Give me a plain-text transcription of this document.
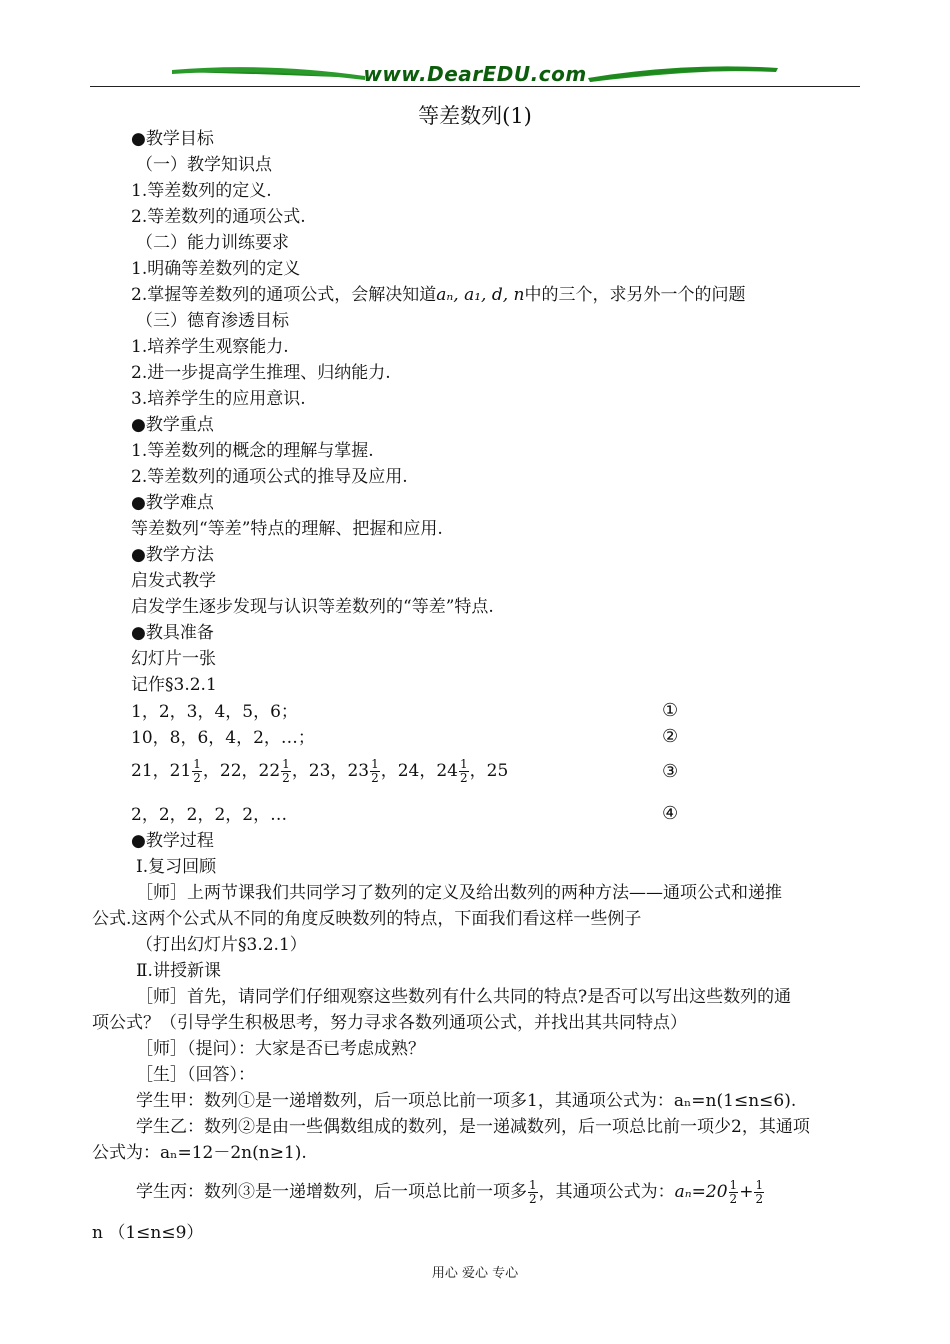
www.DearEDU.com
等差数列(1)
●教学目标
（一）教学知识点
1.等差数列的定义.
2.等差数列的通项公式.
（二）能力训练要求
1.明确等差数列的定义
2.掌握等差数列的通项公式，会解决知道aₙ, a₁, d, n中的三个，求另外一个的问题
（三）德育渗透目标
1.培养学生观察能力.
2.进一步提高学生推理、归纳能力.
3.培养学生的应用意识.
●教学重点
1.等差数列的概念的理解与掌握.
2.等差数列的通项公式的推导及应用.
●教学难点
等差数列“等差”特点的理解、把握和应用.
●教学方法
启发式教学
启发学生逐步发现与认识等差数列的“等差”特点.
●教具准备
幻灯片一张
记作§3.2.1
1，2，3，4，5，6；	①
10，8，6，4，2，…；	②
21，$21 \frac{1}{2}$ ，22，$22 \frac{1}{2}$ ，23，$23 \frac{1}{2}$ ，24，$24 \frac{1}{2}$ ，25	③
2，2，2，2，2，…	④
●教学过程
Ⅰ.复习回顾
［师］上两节课我们共同学习了数列的定义及给出数列的两种方法——通项公式和递推
公式.这两个公式从不同的角度反映数列的特点，下面我们看这样一些例子
（打出幻灯片§3.2.1）
Ⅱ.讲授新课
［师］首先，请同学们仔细观察这些数列有什么共同的特点?是否可以写出这些数列的通
项公式？（引导学生积极思考，努力寻求各数列通项公式，并找出其共同特点）
［师］（提问）：大家是否已考虑成熟？
［生］（回答）：
学生甲：数列①是一递增数列，后一项总比前一项多1，其通项公式为：aₙ=n(1≤n≤6).
学生乙：数列②是由一些偶数组成的数列，是一递减数列，后一项总比前一项少2，其通项
公式为：aₙ=12－2n(n≥1).
学生丙：数列③是一递增数列，后一项总比前一项多 $\frac{1}{2}$ ，其通项公式为：$a_n=20 \frac{1}{2} + \frac{1}{2}$
n （1≤n≤9）
用心 爱心 专心
